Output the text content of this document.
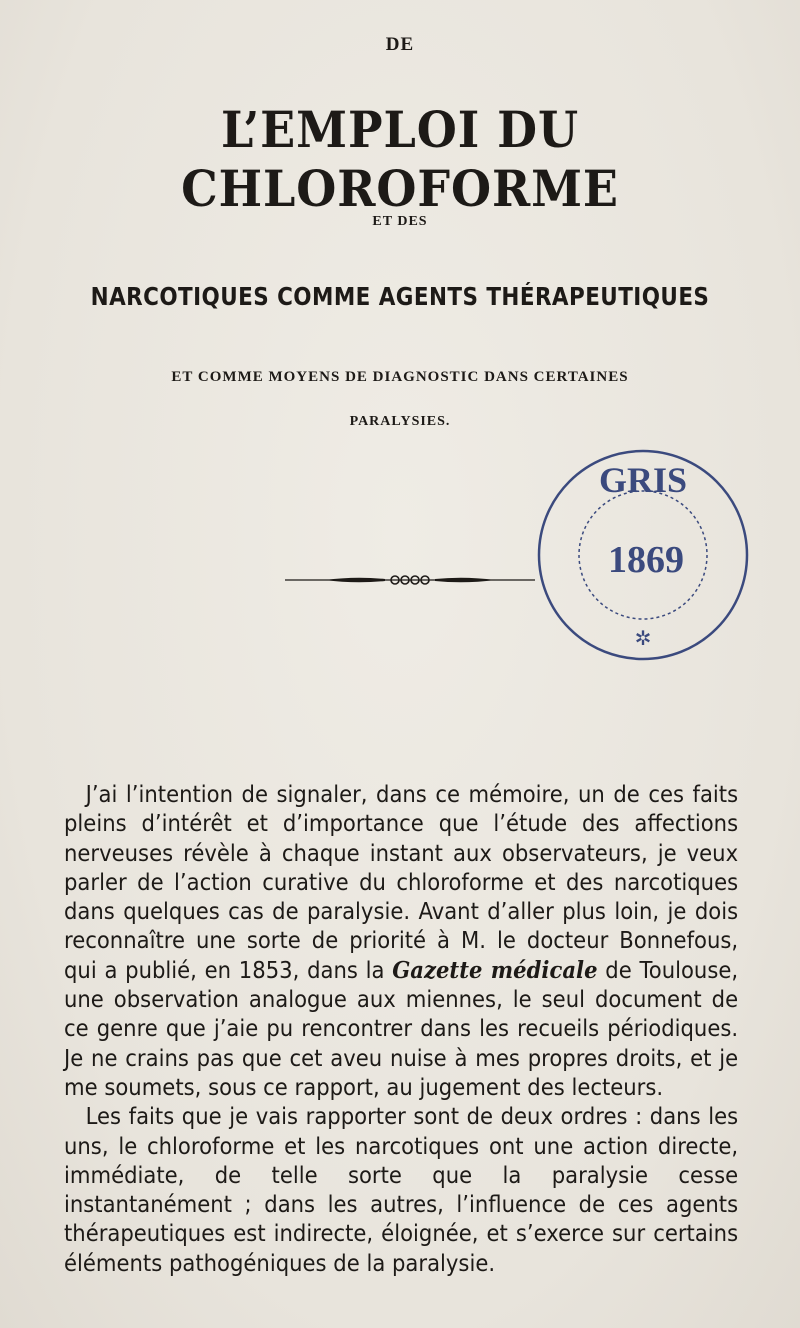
DE
L’EMPLOI DU CHLOROFORME
ET DES
NARCOTIQUES COMME AGENTS THÉRAPEUTIQUES
ET COMME MOYENS DE DIAGNOSTIC DANS CERTAINES
PARALYSIES.
GRIS
1869
✲

J’ai l’intention de signaler, dans ce mémoire, un de ces faits pleins d’intérêt et d’importance que l’étude des affections nerveuses révèle à chaque instant aux observateurs, je veux parler de l’action curative du chloroforme et des narcotiques dans quelques cas de paralysie. Avant d’aller plus loin, je dois reconnaître une sorte de priorité à M. le docteur Bonnefous, qui a publié, en 1853, dans la Gazette médicale de Toulouse, une observation analogue aux miennes, le seul document de ce genre que j’aie pu rencontrer dans les recueils périodiques. Je ne crains pas que cet aveu nuise à mes propres droits, et je me soumets, sous ce rapport, au jugement des lecteurs.

Les faits que je vais rapporter sont de deux ordres : dans les uns, le chloroforme et les narcotiques ont une action directe, immédiate, de telle sorte que la paralysie cesse instantanément ; dans les autres, l’influence de ces agents thérapeutiques est indirecte, éloignée, et s’exerce sur certains éléments pathogéniques de la paralysie.
